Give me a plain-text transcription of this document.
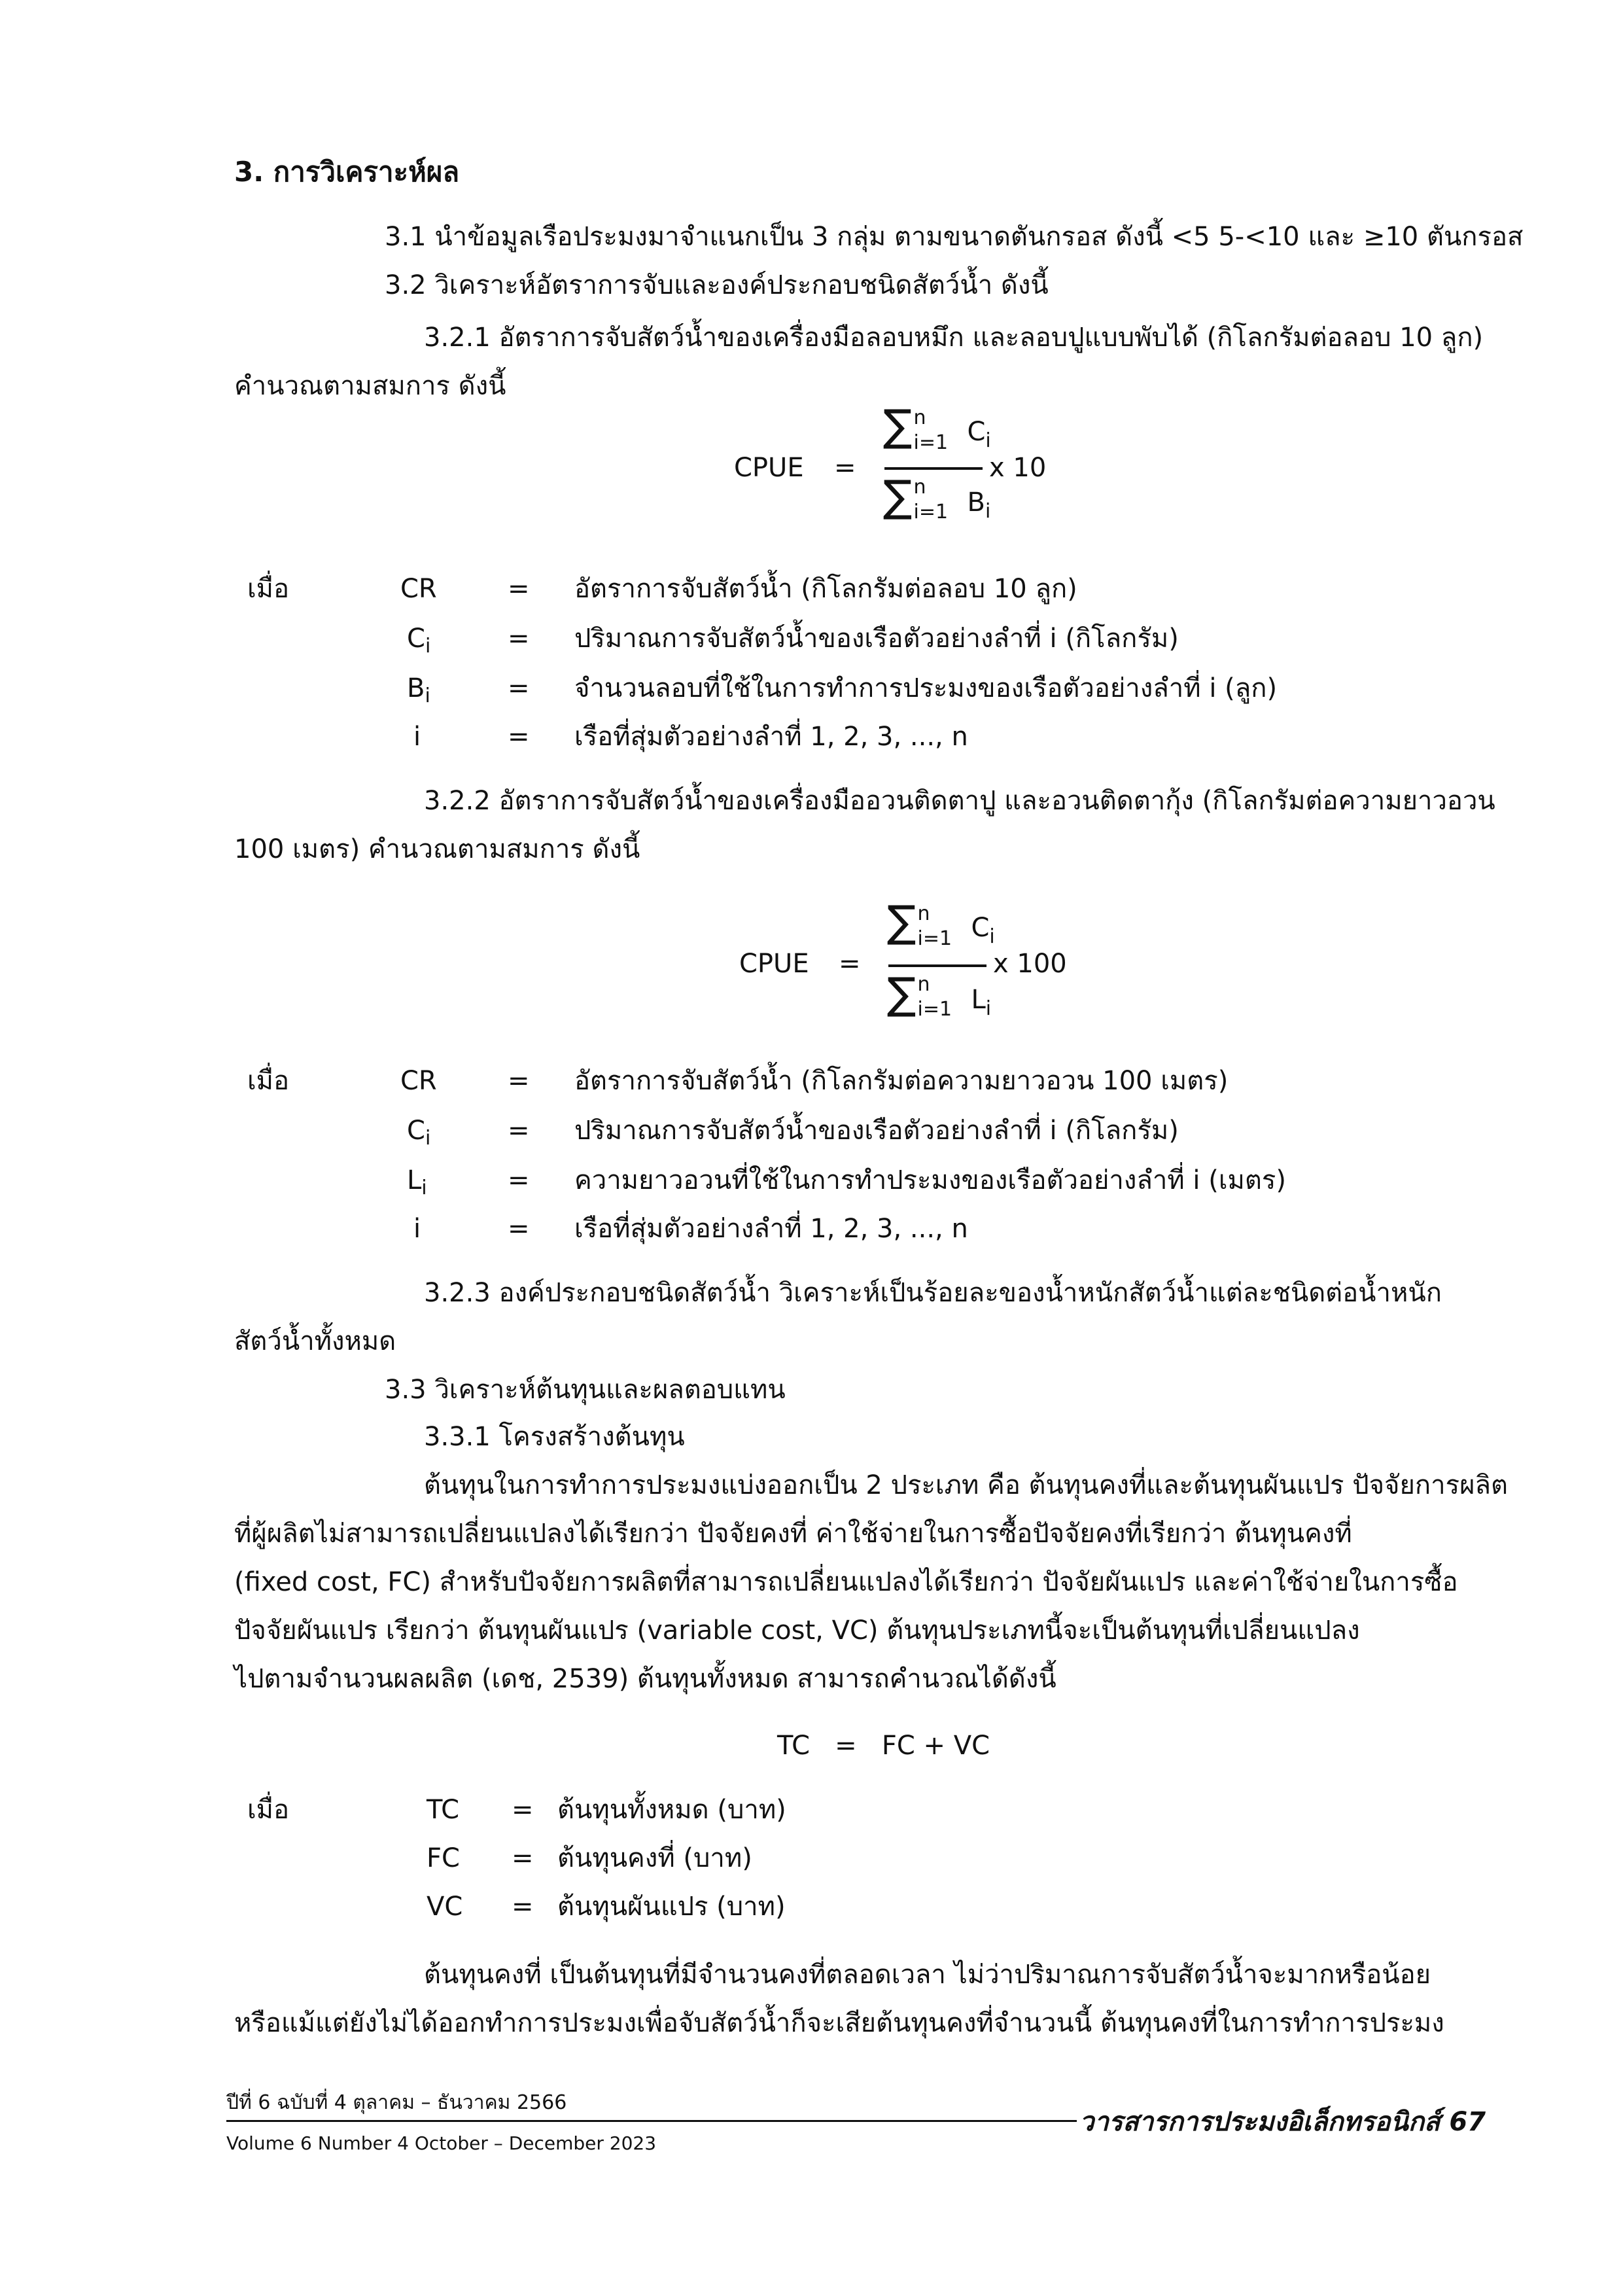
3. การวิเคราะห์ผล
3.1 นำข้อมูลเรือประมงมาจำแนกเป็น 3 กลุ่ม ตามขนาดตันกรอส ดังนี้ <5 5-<10 และ ≥10 ตันกรอส
3.2 วิเคราะห์อัตราการจับและองค์ประกอบชนิดสัตว์น้ำ ดังนี้
3.2.1 อัตราการจับสัตว์น้ำของเครื่องมือลอบหมึก และลอบปูแบบพับได้ (กิโลกรัมต่อลอบ 10 ลูก)
คำนวณตามสมการ ดังนี้
CPUE =
∑ n
i=1 Ci
∑ n
i=1 Bi
x 10
เมื่อ	CR	= อัตราการจับสัตว์น้ำ (กิโลกรัมต่อลอบ 10 ลูก)
$C_i$	= ปริมาณการจับสัตว์น้ำของเรือตัวอย่างลำที่ i (กิโลกรัม)
$B_i$	= จำนวนลอบที่ใช้ในการทำการประมงของเรือตัวอย่างลำที่ i (ลูก)
i	= เรือที่สุ่มตัวอย่างลำที่ 1, 2, 3, ..., n
3.2.2 อัตราการจับสัตว์น้ำของเครื่องมืออวนติดตาปู และอวนติดตากุ้ง (กิโลกรัมต่อความยาวอวน
100 เมตร) คำนวณตามสมการ ดังนี้
CPUE =
∑ n
i=1 Ci
∑ n
i=1 Li
x 100
เมื่อ	CR	= อัตราการจับสัตว์น้ำ (กิโลกรัมต่อความยาวอวน 100 เมตร)
$C_i$	= ปริมาณการจับสัตว์น้ำของเรือตัวอย่างลำที่ i (กิโลกรัม)
$L_i$	= ความยาวอวนที่ใช้ในการทำประมงของเรือตัวอย่างลำที่ i (เมตร)
i	= เรือที่สุ่มตัวอย่างลำที่ 1, 2, 3, ..., n
3.2.3 องค์ประกอบชนิดสัตว์น้ำ วิเคราะห์เป็นร้อยละของน้ำหนักสัตว์น้ำแต่ละชนิดต่อน้ำหนัก
สัตว์น้ำทั้งหมด
3.3 วิเคราะห์ต้นทุนและผลตอบแทน
3.3.1 โครงสร้างต้นทุน
ต้นทุนในการทำการประมงแบ่งออกเป็น 2 ประเภท คือ ต้นทุนคงที่และต้นทุนผันแปร ปัจจัยการผลิต
ที่ผู้ผลิตไม่สามารถเปลี่ยนแปลงได้เรียกว่า ปัจจัยคงที่ ค่าใช้จ่ายในการซื้อปัจจัยคงที่เรียกว่า ต้นทุนคงที่
(fixed cost, FC) สำหรับปัจจัยการผลิตที่สามารถเปลี่ยนแปลงได้เรียกว่า ปัจจัยผันแปร และค่าใช้จ่ายในการซื้อ
ปัจจัยผันแปร เรียกว่า ต้นทุนผันแปร (variable cost, VC) ต้นทุนประเภทนี้จะเป็นต้นทุนที่เปลี่ยนแปลง
ไปตามจำนวนผลผลิต (เดช, 2539) ต้นทุนทั้งหมด สามารถคำนวณได้ดังนี้
TC   =   FC + VC
เมื่อ	TC = ต้นทุนทั้งหมด (บาท)
FC = ต้นทุนคงที่ (บาท)
VC = ต้นทุนผันแปร (บาท)
ต้นทุนคงที่ เป็นต้นทุนที่มีจำนวนคงที่ตลอดเวลา ไม่ว่าปริมาณการจับสัตว์น้ำจะมากหรือน้อย
หรือแม้แต่ยังไม่ได้ออกทำการประมงเพื่อจับสัตว์น้ำก็จะเสียต้นทุนคงที่จำนวนนี้ ต้นทุนคงที่ในการทำการประมง
ปีที่ 6 ฉบับที่ 4 ตุลาคม – ธันวาคม 2566
วารสารการประมงอิเล็กทรอนิกส์ 67
Volume 6 Number 4 October – December 2023
